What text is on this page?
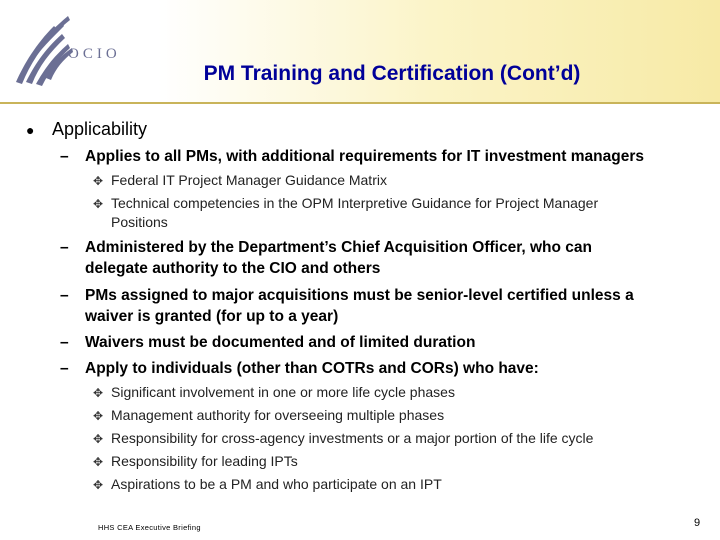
OCIO
PM Training and Certification (Cont’d)
● Applicability
– Applies to all PMs, with additional requirements for IT investment managers
✥ Federal IT Project Manager Guidance Matrix
✥ Technical competencies in the OPM Interpretive Guidance for Project Manager
Positions
– Administered by the Department’s Chief Acquisition Officer, who can
delegate authority to the CIO and others
– PMs assigned to major acquisitions must be senior-level certified unless a
waiver is granted (for up to a year)
– Waivers must be documented and of limited duration
– Apply to individuals (other than COTRs and CORs) who have:
✥ Significant involvement in one or more life cycle phases
✥ Management authority for overseeing multiple phases
✥ Responsibility for cross-agency investments or a major portion of the life cycle
✥ Responsibility for leading IPTs
✥ Aspirations to be a PM and who participate on an IPT
HHS CEA Executive Briefing	9
